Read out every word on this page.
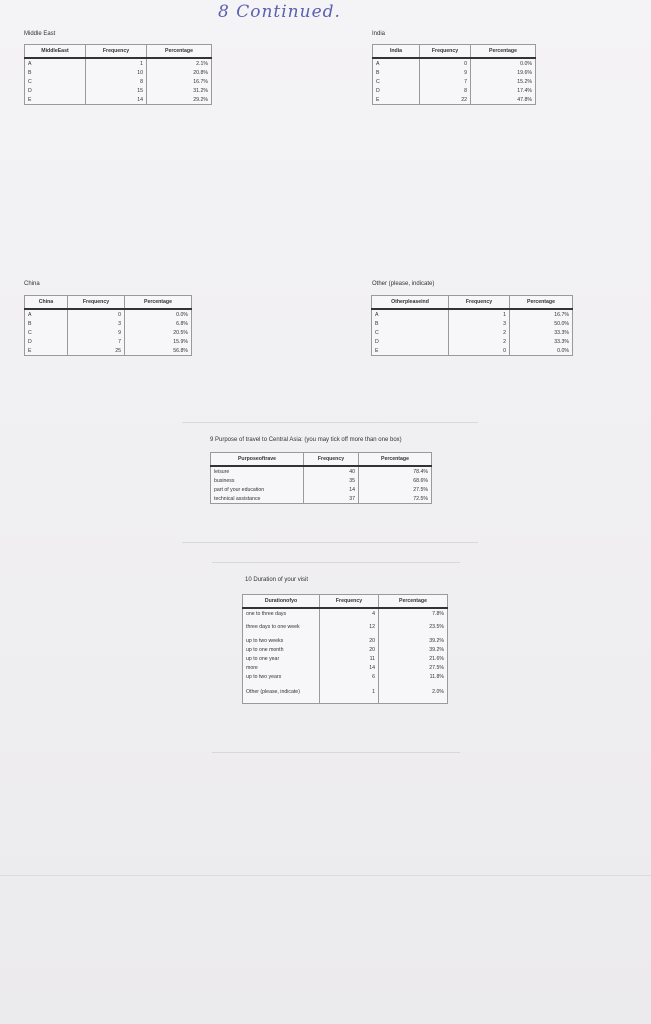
8 Continued.
Middle East
MiddleEast	Frequency	Percentage
A	1	2.1%
B	10	20.8%
C	8	16.7%
D	15	31.2%
E	14	29.2%
India
India	Frequency	Percentage
A	0	0.0%
B	9	19.6%
C	7	15.2%
D	8	17.4%
E	22	47.8%
China
China	Frequency	Percentage
A	0	0.0%
B	3	6.8%
C	9	20.5%
D	7	15.9%
E	25	56.8%
Other (please, indicate)
Otherpleaseind	Frequency	Percentage
A	1	16.7%
B	3	50.0%
C	2	33.3%
D	2	33.3%
E	0	0.0%
9 Purpose of travel to Central Asia: (you may tick off more than one box)
Purposeoftrave	Frequency	Percentage
leisure	40	78.4%
business	35	68.6%
part of your education	14	27.5%
technical assistance	37	72.5%
10 Duration of your visit
Durationofyo	Frequency	Percentage
one to three days	4	7.8%
three days to one week	12	23.5%
up to two weeks	20	39.2%
up to one month	20	39.2%
up to one year	11	21.6%
more	14	27.5%
up to two years	6	11.8%
Other (please, indicate)	1	2.0%
